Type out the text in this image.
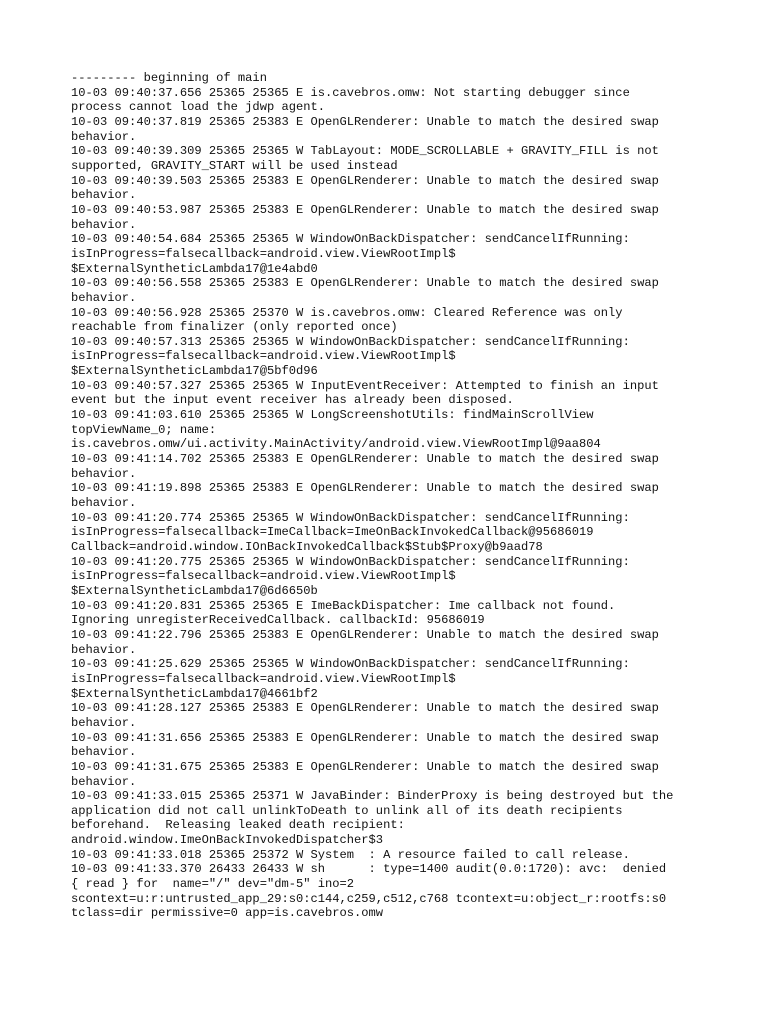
--------- beginning of main
10-03 09:40:37.656 25365 25365 E is.cavebros.omw: Not starting debugger since
process cannot load the jdwp agent.
10-03 09:40:37.819 25365 25383 E OpenGLRenderer: Unable to match the desired swap
behavior.
10-03 09:40:39.309 25365 25365 W TabLayout: MODE_SCROLLABLE + GRAVITY_FILL is not
supported, GRAVITY_START will be used instead
10-03 09:40:39.503 25365 25383 E OpenGLRenderer: Unable to match the desired swap
behavior.
10-03 09:40:53.987 25365 25383 E OpenGLRenderer: Unable to match the desired swap
behavior.
10-03 09:40:54.684 25365 25365 W WindowOnBackDispatcher: sendCancelIfRunning:
isInProgress=falsecallback=android.view.ViewRootImpl$
$ExternalSyntheticLambda17@1e4abd0
10-03 09:40:56.558 25365 25383 E OpenGLRenderer: Unable to match the desired swap
behavior.
10-03 09:40:56.928 25365 25370 W is.cavebros.omw: Cleared Reference was only
reachable from finalizer (only reported once)
10-03 09:40:57.313 25365 25365 W WindowOnBackDispatcher: sendCancelIfRunning:
isInProgress=falsecallback=android.view.ViewRootImpl$
$ExternalSyntheticLambda17@5bf0d96
10-03 09:40:57.327 25365 25365 W InputEventReceiver: Attempted to finish an input
event but the input event receiver has already been disposed.
10-03 09:41:03.610 25365 25365 W LongScreenshotUtils: findMainScrollView
topViewName_0; name:
is.cavebros.omw/ui.activity.MainActivity/android.view.ViewRootImpl@9aa804
10-03 09:41:14.702 25365 25383 E OpenGLRenderer: Unable to match the desired swap
behavior.
10-03 09:41:19.898 25365 25383 E OpenGLRenderer: Unable to match the desired swap
behavior.
10-03 09:41:20.774 25365 25365 W WindowOnBackDispatcher: sendCancelIfRunning:
isInProgress=falsecallback=ImeCallback=ImeOnBackInvokedCallback@95686019
Callback=android.window.IOnBackInvokedCallback$Stub$Proxy@b9aad78
10-03 09:41:20.775 25365 25365 W WindowOnBackDispatcher: sendCancelIfRunning:
isInProgress=falsecallback=android.view.ViewRootImpl$
$ExternalSyntheticLambda17@6d6650b
10-03 09:41:20.831 25365 25365 E ImeBackDispatcher: Ime callback not found.
Ignoring unregisterReceivedCallback. callbackId: 95686019
10-03 09:41:22.796 25365 25383 E OpenGLRenderer: Unable to match the desired swap
behavior.
10-03 09:41:25.629 25365 25365 W WindowOnBackDispatcher: sendCancelIfRunning:
isInProgress=falsecallback=android.view.ViewRootImpl$
$ExternalSyntheticLambda17@4661bf2
10-03 09:41:28.127 25365 25383 E OpenGLRenderer: Unable to match the desired swap
behavior.
10-03 09:41:31.656 25365 25383 E OpenGLRenderer: Unable to match the desired swap
behavior.
10-03 09:41:31.675 25365 25383 E OpenGLRenderer: Unable to match the desired swap
behavior.
10-03 09:41:33.015 25365 25371 W JavaBinder: BinderProxy is being destroyed but the
application did not call unlinkToDeath to unlink all of its death recipients
beforehand.  Releasing leaked death recipient:
android.window.ImeOnBackInvokedDispatcher$3
10-03 09:41:33.018 25365 25372 W System  : A resource failed to call release.
10-03 09:41:33.370 26433 26433 W sh      : type=1400 audit(0.0:1720): avc:  denied
{ read } for  name="/" dev="dm-5" ino=2
scontext=u:r:untrusted_app_29:s0:c144,c259,c512,c768 tcontext=u:object_r:rootfs:s0
tclass=dir permissive=0 app=is.cavebros.omw
